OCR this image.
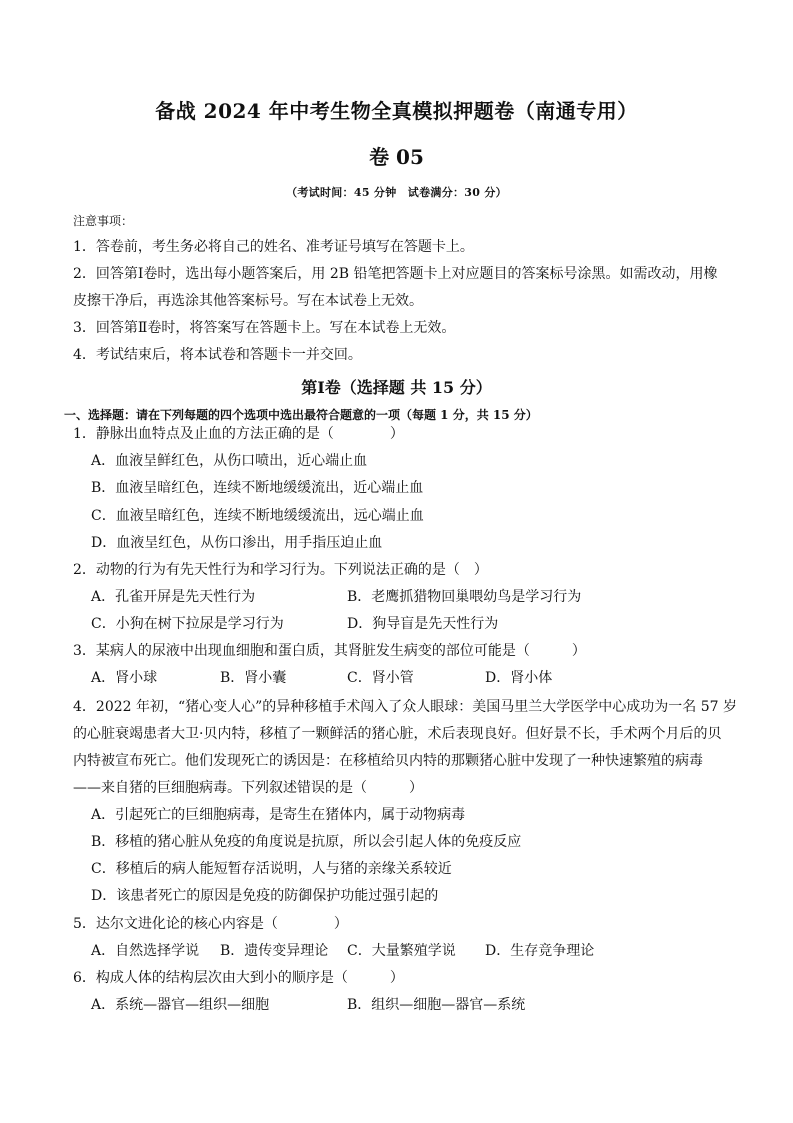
备战 2024 年中考生物全真模拟押题卷（南通专用）
卷 05
（考试时间：45 分钟　试卷满分：30 分）
注意事项：
1．答卷前，考生务必将自己的姓名、准考证号填写在答题卡上。
2．回答第Ⅰ卷时，选出每小题答案后，用 2B 铅笔把答题卡上对应题目的答案标号涂黑。如需改动，用橡
皮擦干净后，再选涂其他答案标号。写在本试卷上无效。
3．回答第Ⅱ卷时，将答案写在答题卡上。写在本试卷上无效。
4．考试结束后，将本试卷和答题卡一并交回。
第Ⅰ卷（选择题 共 15 分）
一、选择题：请在下列每题的四个选项中选出最符合题意的一项（每题 1 分，共 15 分）
1．静脉出血特点及止血的方法正确的是（　　　　）
A．血液呈鲜红色，从伤口喷出，近心端止血
B．血液呈暗红色，连续不断地缓缓流出，近心端止血
C．血液呈暗红色，连续不断地缓缓流出，远心端止血
D．血液呈红色，从伤口渗出，用手指压迫止血
2．动物的行为有先天性行为和学习行为。下列说法正确的是（　）
A．孔雀开屏是先天性行为	B．老鹰抓猎物回巢喂幼鸟是学习行为
C．小狗在树下拉尿是学习行为	D．狗导盲是先天性行为
3．某病人的尿液中出现血细胞和蛋白质，其肾脏发生病变的部位可能是（　　　）
A．肾小球	B．肾小囊	C．肾小管	D．肾小体
4．2022 年初，“猪心变人心”的异种移植手术闯入了众人眼球：美国马里兰大学医学中心成功为一名 57 岁
的心脏衰竭患者大卫·贝内特，移植了一颗鲜活的猪心脏，术后表现良好。但好景不长，手术两个月后的贝
内特被宣布死亡。他们发现死亡的诱因是：在移植给贝内特的那颗猪心脏中发现了一种快速繁殖的病毒
——来自猪的巨细胞病毒。下列叙述错误的是（　　　）
A．引起死亡的巨细胞病毒，是寄生在猪体内，属于动物病毒
B．移植的猪心脏从免疫的角度说是抗原，所以会引起人体的免疫反应
C．移植后的病人能短暂存活说明，人与猪的亲缘关系较近
D．该患者死亡的原因是免疫的防御保护功能过强引起的
5．达尔文进化论的核心内容是（　　　　）
A．自然选择学说 B．遗传变异理论 C．大量繁殖学说 D．生存竞争理论
6．构成人体的结构层次由大到小的顺序是（　　　）
A．系统—器官—组织—细胞	B．组织—细胞—器官—系统
